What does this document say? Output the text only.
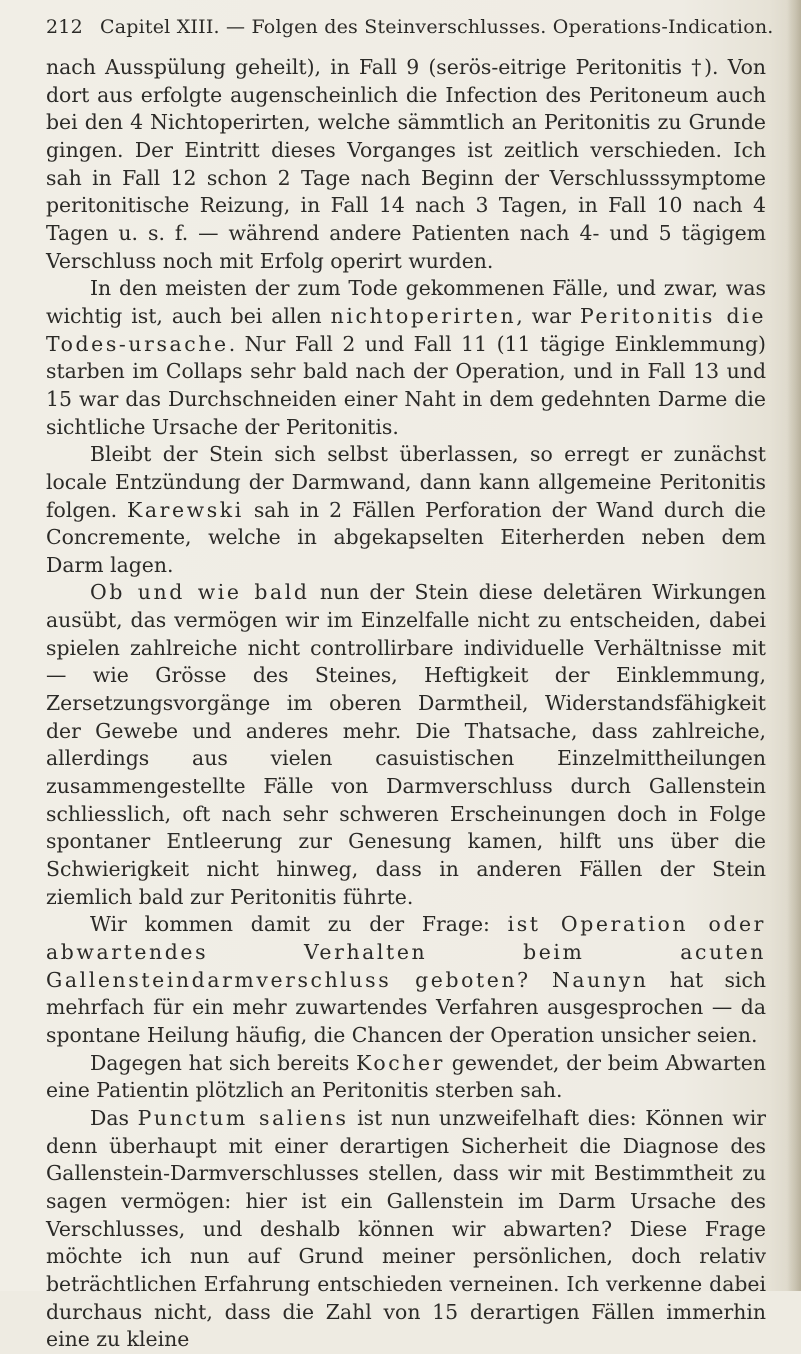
212 Capitel XIII. — Folgen des Steinverschlusses. Operations-Indication.

nach Ausspülung geheilt), in Fall 9 (serös-eitrige Peritonitis †). Von dort aus erfolgte augenscheinlich die Infection des Peritoneum auch bei den 4 Nichtoperirten, welche sämmtlich an Peritonitis zu Grunde gingen. Der Eintritt dieses Vorganges ist zeitlich verschieden. Ich sah in Fall 12 schon 2 Tage nach Beginn der Verschlusssymptome peritonitische Reizung, in Fall 14 nach 3 Tagen, in Fall 10 nach 4 Tagen u. s. f. — während andere Patienten nach 4- und 5 tägigem Verschluss noch mit Erfolg operirt wurden.

In den meisten der zum Tode gekommenen Fälle, und zwar, was wichtig ist, auch bei allen nichtoperirten, war Peritonitis die Todes-ursache. Nur Fall 2 und Fall 11 (11 tägige Einklemmung) starben im Collaps sehr bald nach der Operation, und in Fall 13 und 15 war das Durchschneiden einer Naht in dem gedehnten Darme die sichtliche Ursache der Peritonitis.

Bleibt der Stein sich selbst überlassen, so erregt er zunächst locale Entzündung der Darmwand, dann kann allgemeine Peritonitis folgen. Karewski sah in 2 Fällen Perforation der Wand durch die Concremente, welche in abgekapselten Eiterherden neben dem Darm lagen.

Ob und wie bald nun der Stein diese deletären Wirkungen ausübt, das vermögen wir im Einzelfalle nicht zu entscheiden, dabei spielen zahlreiche nicht controllirbare individuelle Verhältnisse mit — wie Grösse des Steines, Heftigkeit der Einklemmung, Zersetzungsvorgänge im oberen Darmtheil, Widerstandsfähigkeit der Gewebe und anderes mehr. Die Thatsache, dass zahlreiche, allerdings aus vielen casuistischen Einzelmittheilungen zusammengestellte Fälle von Darmverschluss durch Gallenstein schliesslich, oft nach sehr schweren Erscheinungen doch in Folge spontaner Entleerung zur Genesung kamen, hilft uns über die Schwierigkeit nicht hinweg, dass in anderen Fällen der Stein ziemlich bald zur Peritonitis führte.

Wir kommen damit zu der Frage: ist Operation oder abwartendes Verhalten beim acuten Gallensteindarmverschluss geboten? Naunyn hat sich mehrfach für ein mehr zuwartendes Verfahren ausgesprochen — da spontane Heilung häufig, die Chancen der Operation unsicher seien.

Dagegen hat sich bereits Kocher gewendet, der beim Abwarten eine Patientin plötzlich an Peritonitis sterben sah.

Das Punctum saliens ist nun unzweifelhaft dies: Können wir denn überhaupt mit einer derartigen Sicherheit die Diagnose des Gallenstein-Darmverschlusses stellen, dass wir mit Bestimmtheit zu sagen vermögen: hier ist ein Gallenstein im Darm Ursache des Verschlusses, und deshalb können wir abwarten? Diese Frage möchte ich nun auf Grund meiner persönlichen, doch relativ beträchtlichen Erfahrung entschieden verneinen. Ich verkenne dabei durchaus nicht, dass die Zahl von 15 derartigen Fällen immerhin eine zu kleine
